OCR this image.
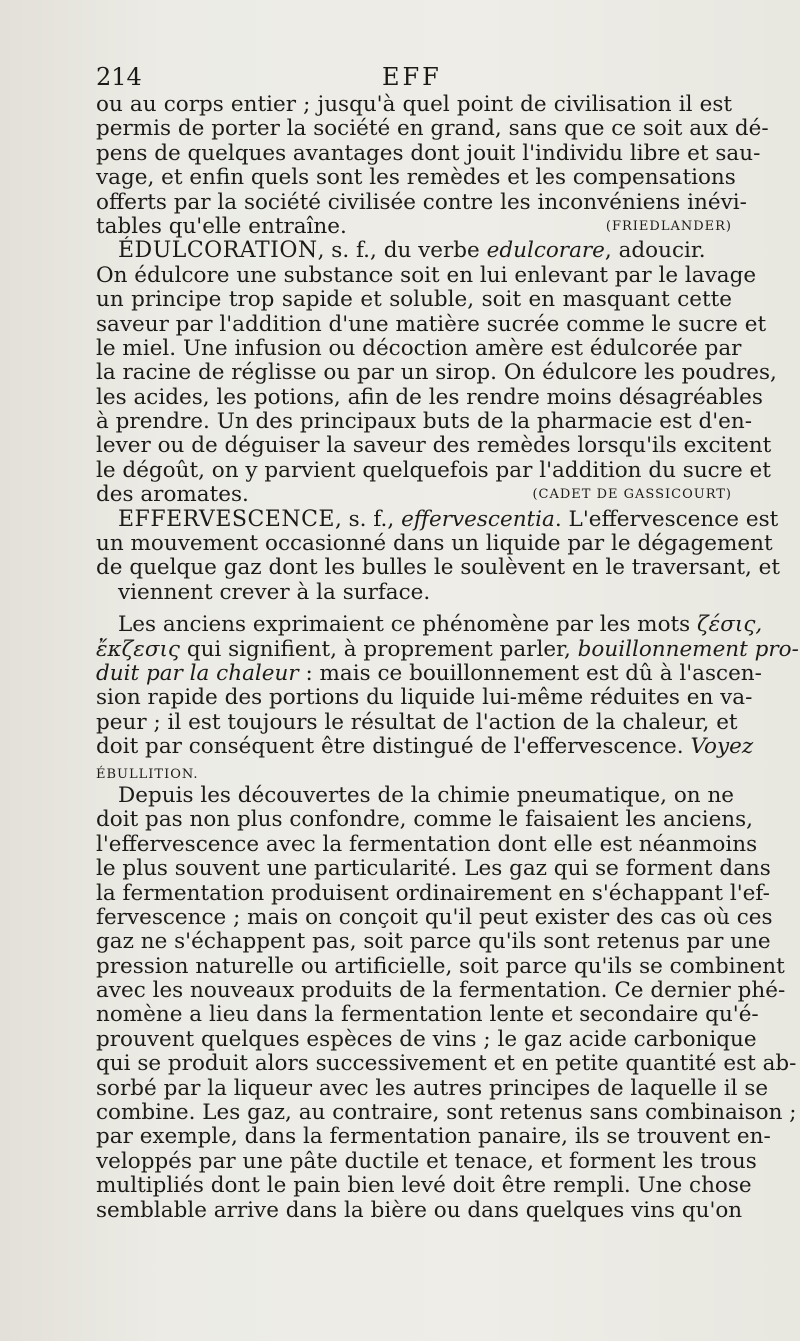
214	EFF
ou au corps entier ; jusqu'à quel point de civilisation il est
permis de porter la société en grand, sans que ce soit aux dé-
pens de quelques avantages dont jouit l'individu libre et sau-
vage, et enfin quels sont les remèdes et les compensations
offerts par la société civilisée contre les inconvéniens inévi-
tables qu'elle entraîne.	(FRIEDLANDER)
ÉDULCORATION, s. f., du verbe edulcorare, adoucir.
On édulcore une substance soit en lui enlevant par le lavage
un principe trop sapide et soluble, soit en masquant cette
saveur par l'addition d'une matière sucrée comme le sucre et
le miel. Une infusion ou décoction amère est édulcorée par
la racine de réglisse ou par un sirop. On édulcore les poudres,
les acides, les potions, afin de les rendre moins désagréables
à prendre. Un des principaux buts de la pharmacie est d'en-
lever ou de déguiser la saveur des remèdes lorsqu'ils excitent
le dégoût, on y parvient quelquefois par l'addition du sucre et
des aromates.	(CADET DE GASSICOURT)
EFFERVESCENCE, s. f., effervescentia. L'effervescence est
un mouvement occasionné dans un liquide par le dégagement
de quelque gaz dont les bulles le soulèvent en le traversant, et
viennent crever à la surface.
Les anciens exprimaient ce phénomène par les mots ζέσις,
ἔκζεσις qui signifient, à proprement parler, bouillonnement pro-
duit par la chaleur : mais ce bouillonnement est dû à l'ascen-
sion rapide des portions du liquide lui-même réduites en va-
peur ; il est toujours le résultat de l'action de la chaleur, et
doit par conséquent être distingué de l'effervescence. Voyez
ÉBULLITION.
Depuis les découvertes de la chimie pneumatique, on ne
doit pas non plus confondre, comme le faisaient les anciens,
l'effervescence avec la fermentation dont elle est néanmoins
le plus souvent une particularité. Les gaz qui se forment dans
la fermentation produisent ordinairement en s'échappant l'ef-
fervescence ; mais on conçoit qu'il peut exister des cas où ces
gaz ne s'échappent pas, soit parce qu'ils sont retenus par une
pression naturelle ou artificielle, soit parce qu'ils se combinent
avec les nouveaux produits de la fermentation. Ce dernier phé-
nomène a lieu dans la fermentation lente et secondaire qu'é-
prouvent quelques espèces de vins ; le gaz acide carbonique
qui se produit alors successivement et en petite quantité est ab-
sorbé par la liqueur avec les autres principes de laquelle il se
combine. Les gaz, au contraire, sont retenus sans combinaison ;
par exemple, dans la fermentation panaire, ils se trouvent en-
veloppés par une pâte ductile et tenace, et forment les trous
multipliés dont le pain bien levé doit être rempli. Une chose
semblable arrive dans la bière ou dans quelques vins qu'on
